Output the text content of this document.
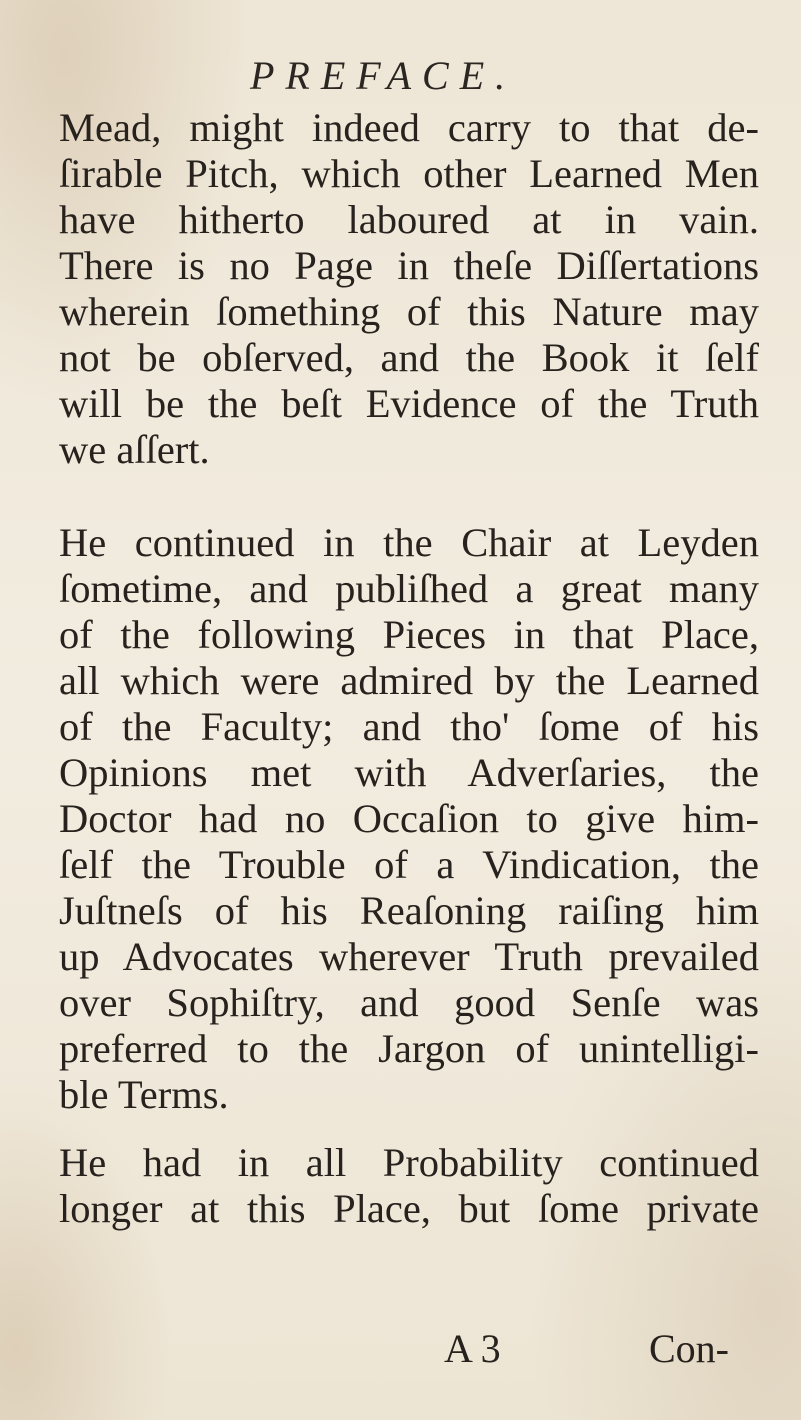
PREFACE.
Mead, might indeed carry to that de-
ſirable Pitch, which other Learned Men
have hitherto laboured at in vain.
There is no Page in theſe Diſſertations
wherein ſomething of this Nature may
not be obſerved, and the Book it ſelf
will be the beſt Evidence of the Truth
we aſſert.
He continued in the Chair at Leyden
ſometime, and publiſhed a great many
of the following Pieces in that Place,
all which were admired by the Learned
of the Faculty; and tho' ſome of his
Opinions met with Adverſaries, the
Doctor had no Occaſion to give him-
ſelf the Trouble of a Vindication, the
Juſtneſs of his Reaſoning raiſing him
up Advocates wherever Truth prevailed
over Sophiſtry, and good Senſe was
preferred to the Jargon of unintelligi-
ble Terms.
He had in all Probability continued
longer at this Place, but ſome private
A 3	Con-
